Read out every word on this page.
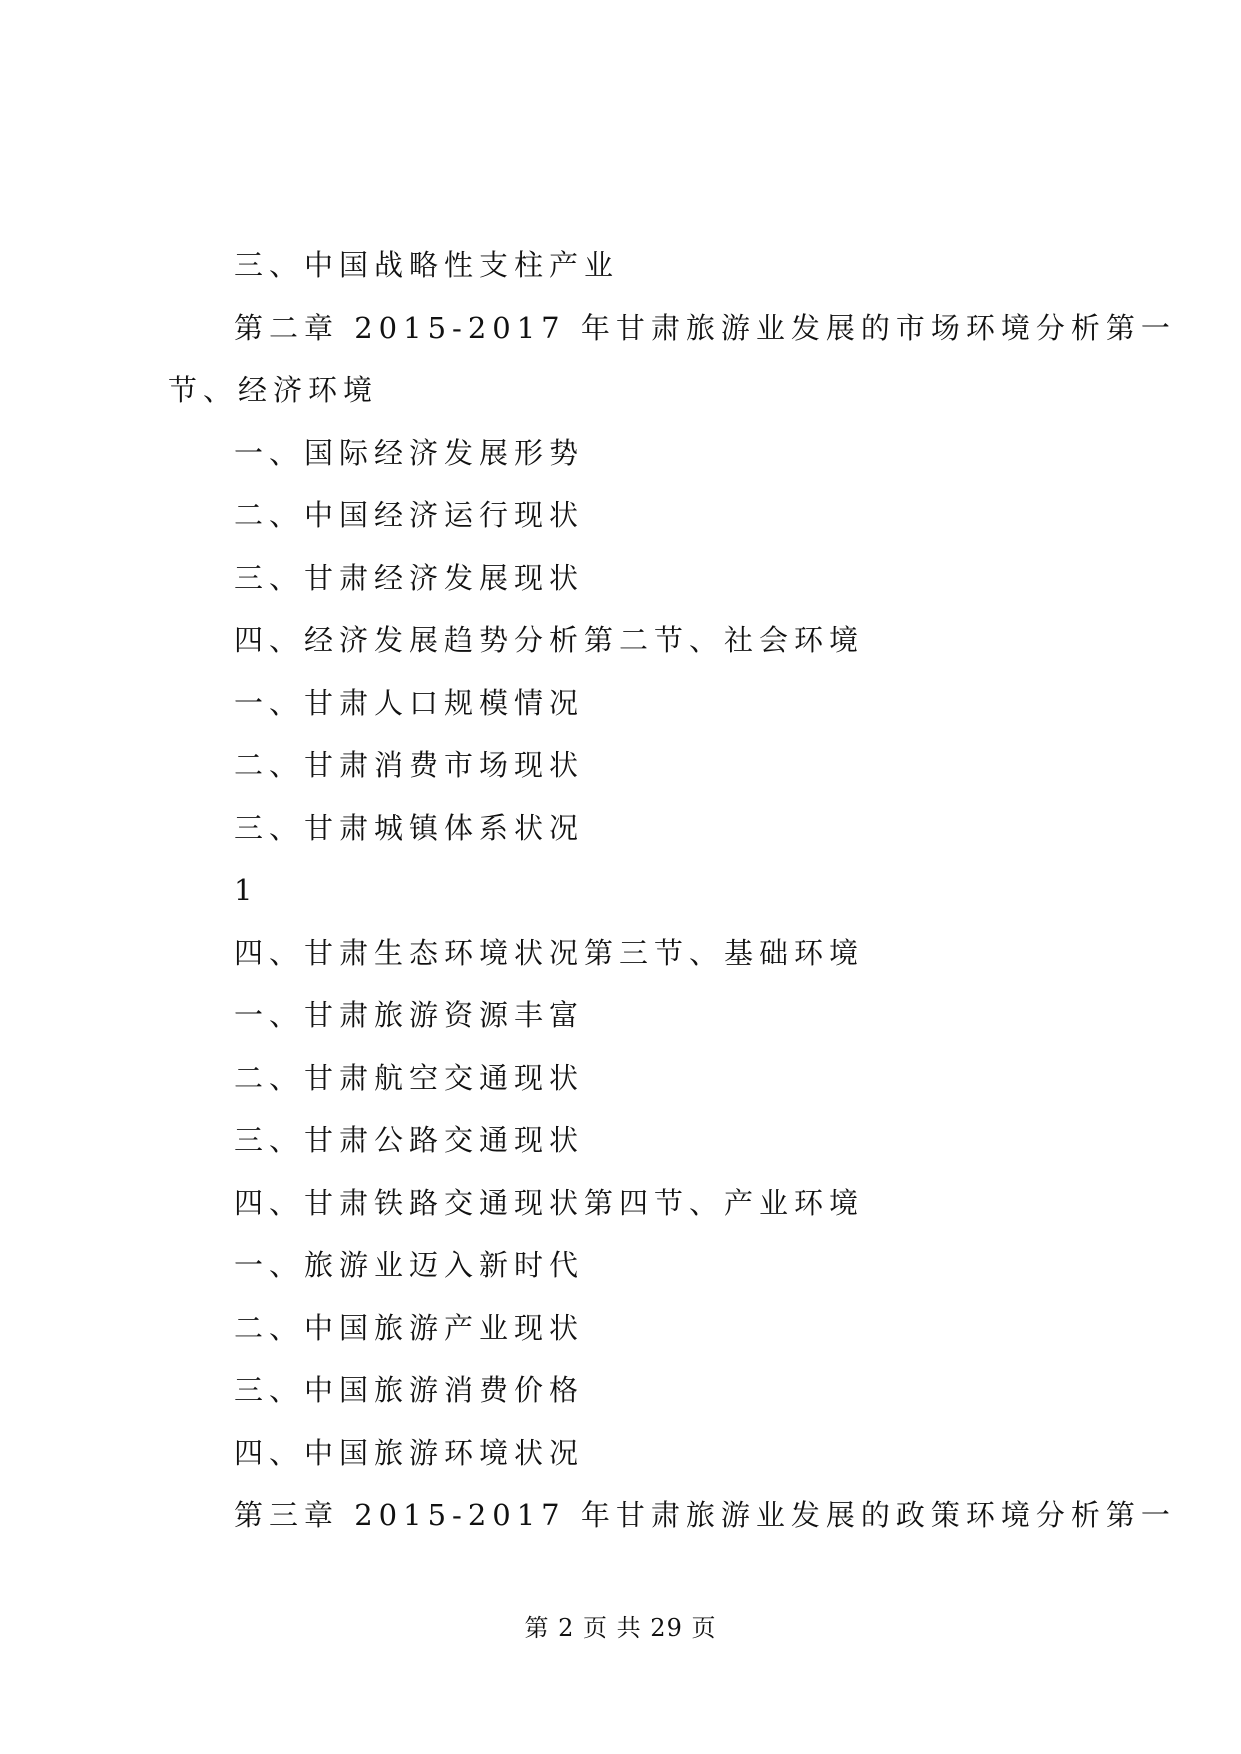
三、中国战略性支柱产业
第二章 2015-2017 年甘肃旅游业发展的市场环境分析第一
节、经济环境
一、国际经济发展形势
二、中国经济运行现状
三、甘肃经济发展现状
四、经济发展趋势分析第二节、社会环境
一、甘肃人口规模情况
二、甘肃消费市场现状
三、甘肃城镇体系状况
1
四、甘肃生态环境状况第三节、基础环境
一、甘肃旅游资源丰富
二、甘肃航空交通现状
三、甘肃公路交通现状
四、甘肃铁路交通现状第四节、产业环境
一、旅游业迈入新时代
二、中国旅游产业现状
三、中国旅游消费价格
四、中国旅游环境状况
第三章 2015-2017 年甘肃旅游业发展的政策环境分析第一
第 2 页 共 29 页
